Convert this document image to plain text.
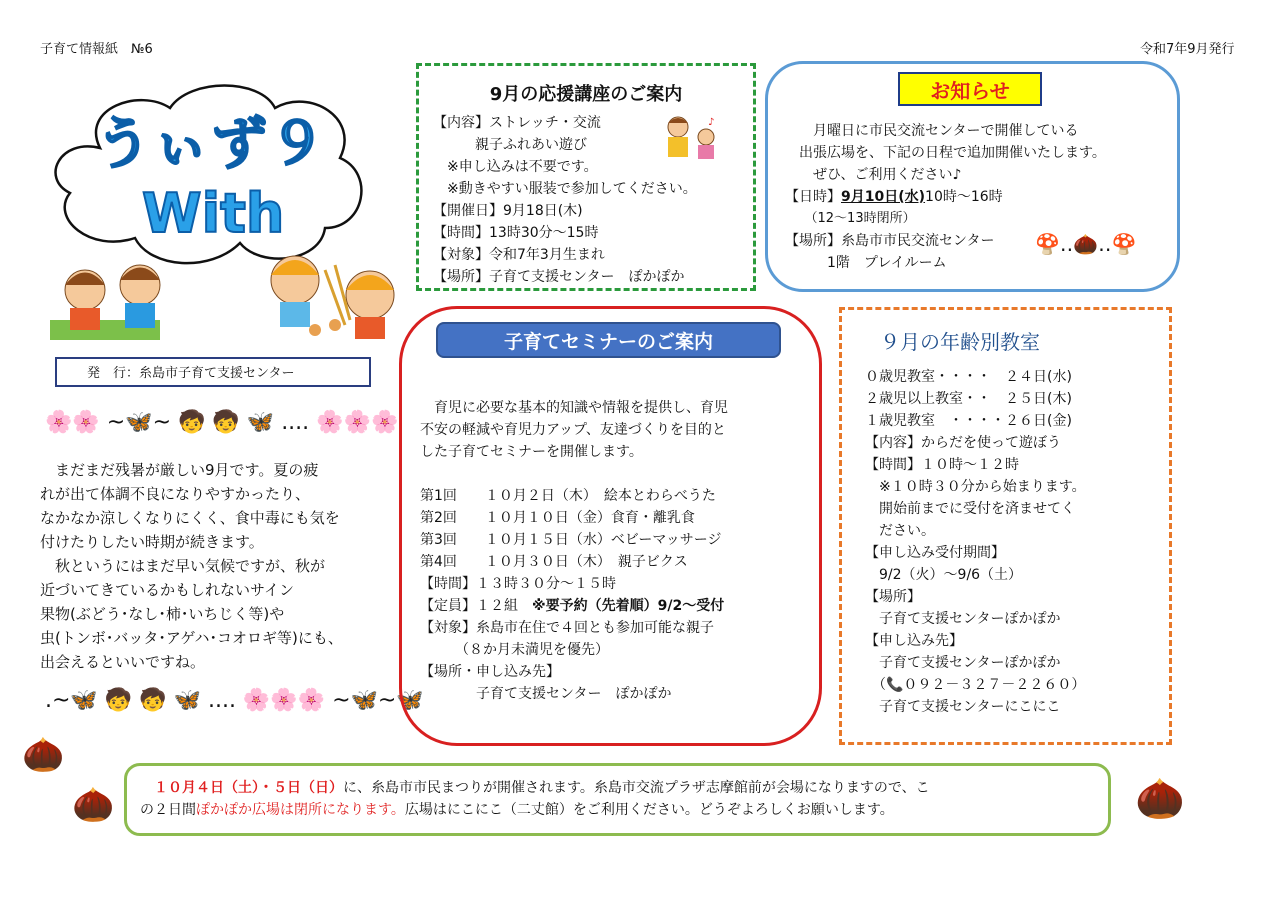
子育て情報紙　№6	令和7年9月発行
うぃず９
With
発　行：糸島市子育て支援センター
🌸🌸 ~🦋~ 🧒 🧒 🦋 .... 🌸🌸🌸

　まだまだ残暑が厳しい9月です。夏の疲

れが出て体調不良になりやすかったり、

なかなか涼しくなりにくく、食中毒にも気を

付けたりしたい時期が続きます。

　秋というにはまだ早い気候ですが、秋が

近づいてきているかもしれないサイン

果物(ぶどう･なし･柿･いちじく等)や

虫(トンボ･バッタ･アゲハ･コオロギ等)にも、

出会えるといいですね。

.~🦋 🧒 🧒 🦋 .... 🌸🌸🌸 ~🦋~🦋
🌰
🌰	🌰
9月の応援講座のご案内
【内容】ストレッチ・交流
　　　親子ふれあい遊び
　※申し込みは不要です。
　※動きやすい服装で参加してください。
【開催日】9月18日(木)
【時間】13時30分～15時
【対象】令和7年3月生まれ
【場所】子育て支援センター　ぽかぽか
♪
お知らせ
　　月曜日に市民交流センターで開催している
　出張広場を、下記の日程で追加開催いたします。
　　ぜひ、ご利用ください♪
【日時】9月10日(水)10時～16時
　　（12～13時閉所）
【場所】糸島市市民交流センター
　　　1階　プレイルーム
🍄‥🌰‥🍄
子育てセミナーのご案内

　育児に必要な基本的知識や情報を提供し、育児

不安の軽減や育児力アップ、友達づくりを目的と

した子育てセミナーを開催します。

第1回　　１０月２日（木）　絵本とわらべうた

第2回　　１０月１０日（金）食育・離乳食

第3回　　１０月１５日（水）ベビーマッサージ

第4回　　１０月３０日（木）　親子ビクス

【時間】１３時３０分～１５時

【定員】１２組　※要予約（先着順）9/2～受付

【対象】糸島市在住で４回とも参加可能な親子

　　　（８か月未満児を優先）

【場所・申し込み先】

　　　　子育て支援センター　ぽかぽか

９月の年齢別教室
０歳児教室・・・・　２４日(水)
２歳児以上教室・・　２５日(木)
１歳児教室　・・・・２６日(金)
【内容】からだを使って遊ぼう
【時間】１０時～１２時
　※１０時３０分から始まります。
　開始前までに受付を済ませてく
　ださい。
【申し込み受付期間】
　9/2（火）～9/6（土）
【場所】
　子育て支援センターぽかぽか
【申し込み先】
　子育て支援センターぽかぽか
　（📞０９２－３２７－２２６０）
　子育て支援センターにこにこ
　１０月４日（土）・５日（日）に、糸島市市民まつりが開催されます。糸島市交流プラザ志摩館前が会場になりますので、こ
の２日間ぽかぽか広場は閉所になります。広場はにこにこ（二丈館）をご利用ください。どうぞよろしくお願いします。
